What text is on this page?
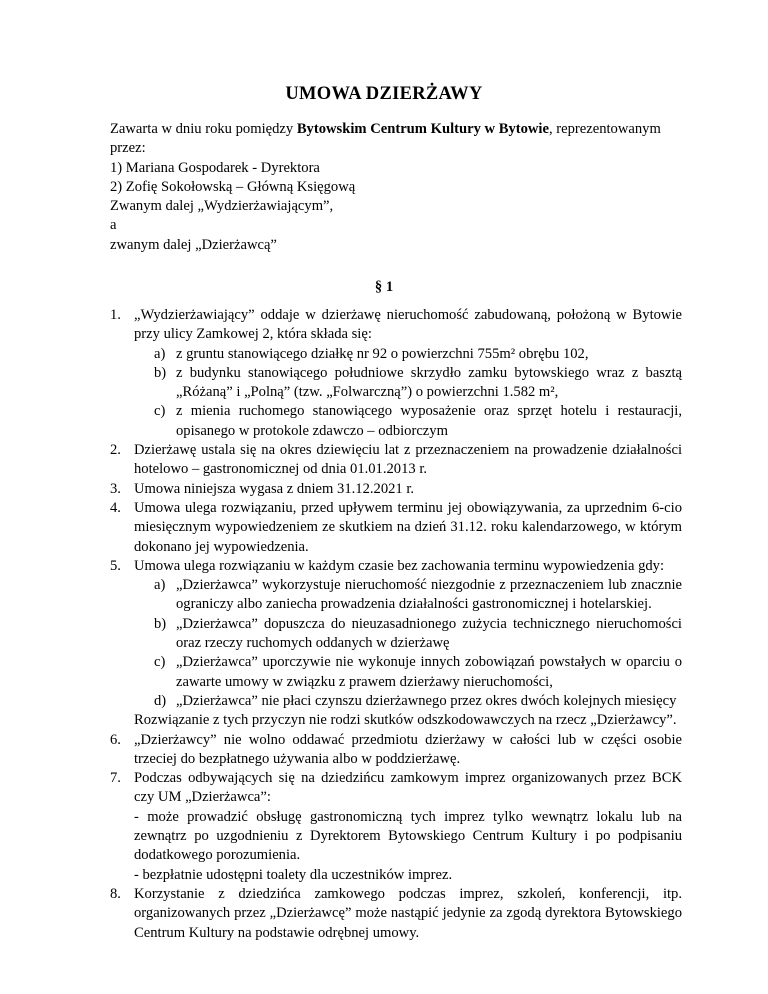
UMOWA DZIERŻAWY

Zawarta w dniu roku pomiędzy Bytowskim Centrum Kultury w Bytowie, reprezentowanym

przez:

1) Mariana Gospodarek - Dyrektora

2) Zofię Sokołowską – Główną Księgową

Zwanym dalej „Wydzierżawiającym”,

a

zwanym dalej „Dzierżawcą”

§ 1
1. „Wydzierżawiający” oddaje w dzierżawę nieruchomość zabudowaną, położoną w Bytowie przy ulicy Zamkowej 2, która składa się:
a) z gruntu stanowiącego działkę nr 92 o powierzchni 755m² obrębu 102,
b) z budynku stanowiącego południowe skrzydło zamku bytowskiego wraz z basztą „Różaną” i „Polną” (tzw. „Folwarczną”) o powierzchni 1.582 m²,
c) z mienia ruchomego stanowiącego wyposażenie oraz sprzęt hotelu i restauracji, opisanego w protokole zdawczo – odbiorczym
2. Dzierżawę ustala się na okres dziewięciu lat z przeznaczeniem na prowadzenie działalności hotelowo – gastronomicznej od dnia 01.01.2013 r.
3. Umowa niniejsza wygasa z dniem 31.12.2021 r.
4. Umowa ulega rozwiązaniu, przed upływem terminu jej obowiązywania, za uprzednim 6-cio miesięcznym wypowiedzeniem ze skutkiem na dzień 31.12. roku kalendarzowego, w którym dokonano jej wypowiedzenia.
5. Umowa ulega rozwiązaniu w każdym czasie bez zachowania terminu wypowiedzenia gdy:
a) „Dzierżawca” wykorzystuje nieruchomość niezgodnie z przeznaczeniem lub znacznie ograniczy albo zaniecha prowadzenia działalności gastronomicznej i hotelarskiej.
b) „Dzierżawca” dopuszcza do nieuzasadnionego zużycia technicznego nieruchomości oraz rzeczy ruchomych oddanych w dzierżawę
c) „Dzierżawca” uporczywie nie wykonuje innych zobowiązań powstałych w oparciu o zawarte umowy w związku z prawem dzierżawy nieruchomości,
d) „Dzierżawca” nie płaci czynszu dzierżawnego przez okres dwóch kolejnych miesięcy
Rozwiązanie z tych przyczyn nie rodzi skutków odszkodowawczych na rzecz „Dzierżawcy”.
6. „Dzierżawcy” nie wolno oddawać przedmiotu dzierżawy w całości lub w części osobie trzeciej do bezpłatnego używania albo w poddzierżawę.
7. Podczas odbywających się na dziedzińcu zamkowym imprez organizowanych przez BCK czy UM „Dzierżawca”:
- może prowadzić obsługę gastronomiczną tych imprez tylko wewnątrz lokalu lub na zewnątrz po uzgodnieniu z Dyrektorem Bytowskiego Centrum Kultury i po podpisaniu dodatkowego porozumienia.
- bezpłatnie udostępni toalety dla uczestników imprez.
8. Korzystanie z dziedzińca zamkowego podczas imprez, szkoleń, konferencji, itp. organizowanych przez „Dzierżawcę” może nastąpić jedynie za zgodą dyrektora Bytowskiego Centrum Kultury na podstawie odrębnej umowy.
